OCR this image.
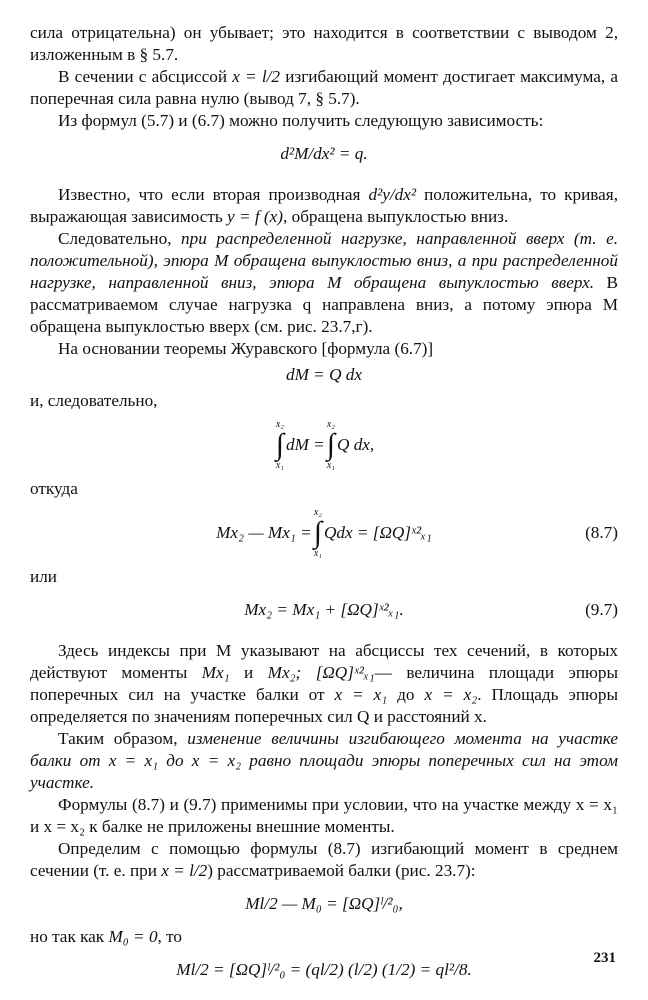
сила отрицательна) он убывает; это находится в соответствии с выводом 2, изложенным в § 5.7.

В сечении с абсциссой x = l/2 изгибающий момент достигает максимума, а поперечная сила равна нулю (вывод 7, § 5.7).

Из формул (5.7) и (6.7) можно получить следующую зависимость:

d²M/dx² = q.

Известно, что если вторая производная d²y/dx² положительна, то кривая, выражающая зависимость y = f (x), обращена выпуклостью вниз.

Следовательно, при распределенной нагрузке, направленной вверх (т. е. положительной), эпюра M обращена выпуклостью вниз, а при распределенной нагрузке, направленной вниз, эпюра M обращена выпуклостью вверх. В рассматриваемом случае нагрузка q направлена вниз, а потому эпюра M обращена выпуклостью вверх (см. рис. 23.7,г).

На основании теоремы Журавского [формула (6.7)]

dM = Q dx

и, следовательно,

x₂
∫
x₁
dM =
x₂
∫
x₁
Q dx,

откуда

Mx₂ — Mx₁ =
x₂
∫
x₁
Qdx = [ΩQ]ˣ²ₓ₁	(8.7)

или

Mx₂ = Mx₁ + [ΩQ]ˣ²ₓ₁.	(9.7)

Здесь индексы при M указывают на абсциссы тех сечений, в которых действуют моменты Mx₁ и Mx₂; [ΩQ]ˣ²ₓ₁— величина площади эпюры поперечных сил на участке балки от x = x₁ до x = x₂. Площадь эпюры определяется по значениям поперечных сил Q и расстояний x.

Таким образом, изменение величины изгибающего момента на участке балки от x = x₁ до x = x₂ равно площади эпюры поперечных сил на этом участке.

Формулы (8.7) и (9.7) применимы при условии, что на участке между x = x₁ и x = x₂ к балке не приложены внешние моменты.

Определим с помощью формулы (8.7) изгибающий момент в среднем сечении (т. е. при x = l/2) рассматриваемой балки (рис. 23.7):

Ml/2 — M₀ = [ΩQ]ˡ/²₀,

но так как M₀ = 0, то

Ml/2 = [ΩQ]ˡ/²₀ = (ql/2) (l/2) (1/2) = ql²/8.
231
